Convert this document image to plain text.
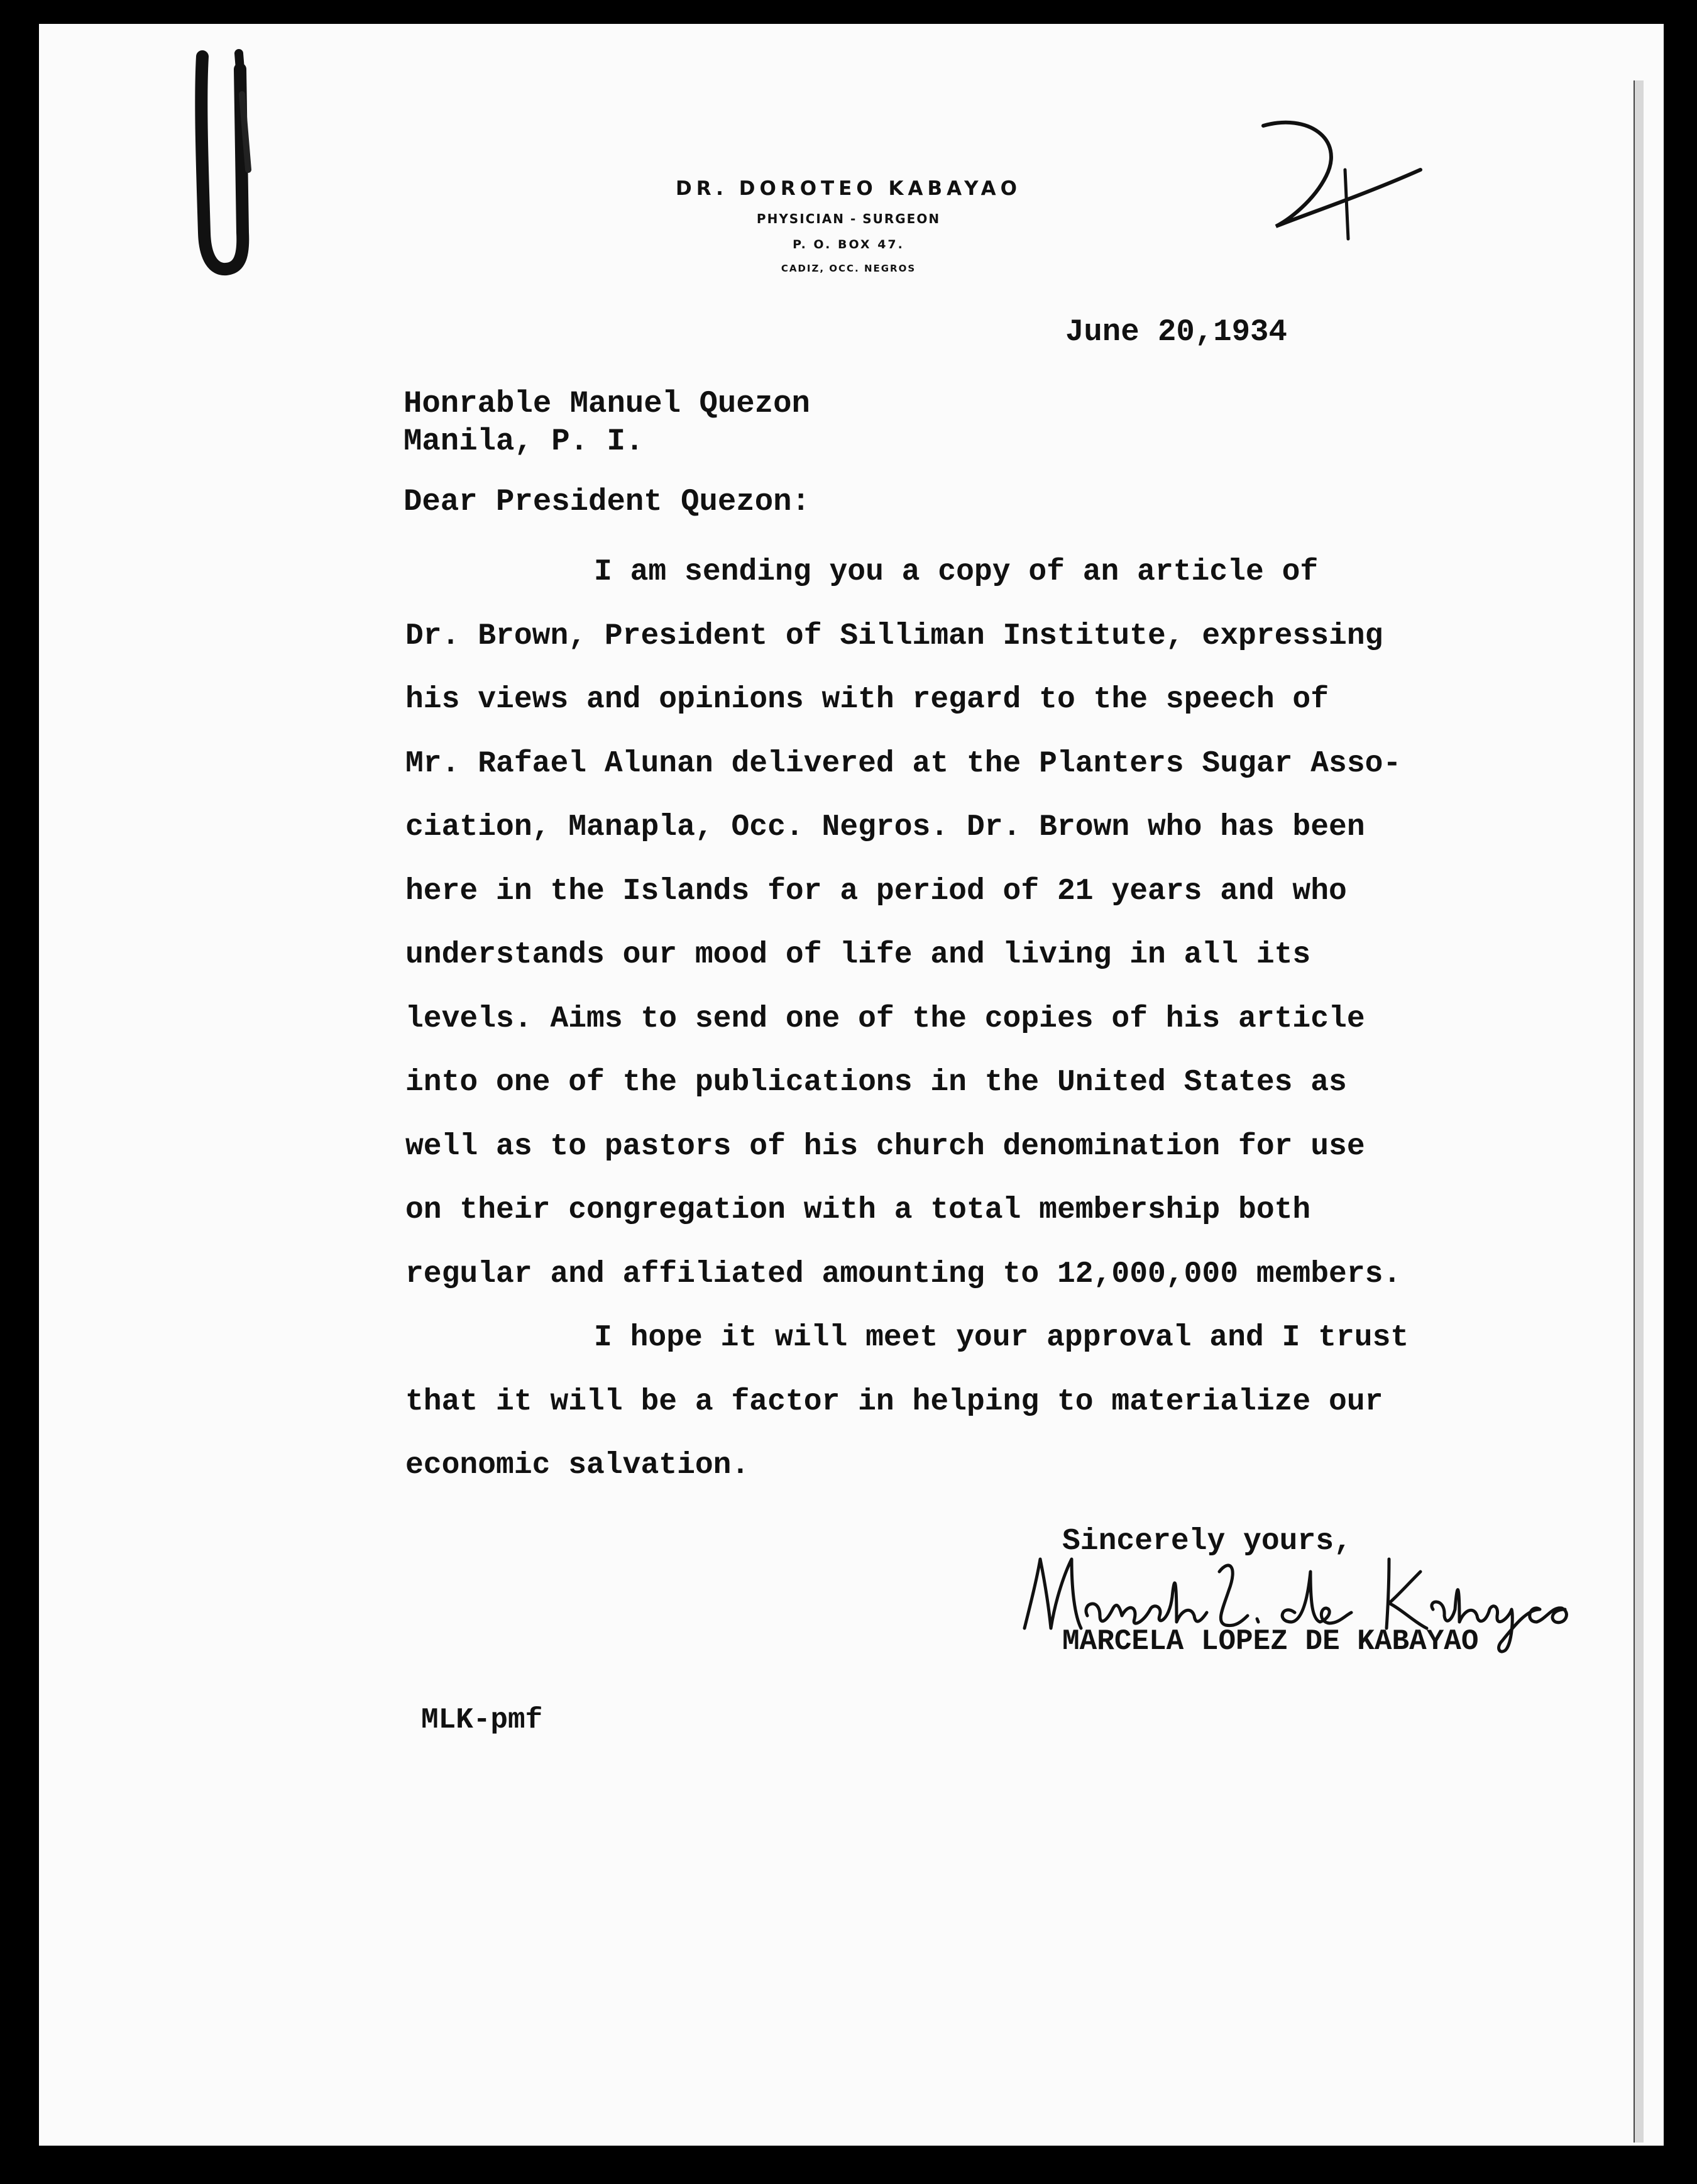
2
DR. DOROTEO KABAYAO
PHYSICIAN - SURGEON
P. O. BOX 47.
CADIZ, OCC. NEGROS
June 20,1934
Honrable Manuel Quezon
Manila, P. I.
Dear President Quezon:
I am sending you a copy of an article of
Dr. Brown, President of Silliman Institute, expressing
his views and opinions with regard to the speech of
Mr. Rafael Alunan delivered at the Planters Sugar Asso-
ciation, Manapla, Occ. Negros. Dr. Brown who has been
here in the Islands for a period of 21 years and who
understands our mood of life and living in all its
levels. Aims to send one of the copies of his article
into one of the publications in the United States as
well as to pastors of his church denomination for use
on their congregation with a total membership both
regular and affiliated amounting to 12,000,000 members.
I hope it will meet your approval and I trust
that it will be a factor in helping to materialize our
economic salvation.
Sincerely yours,
Marcela L. de Kabayao
MARCELA LOPEZ DE KABAYAO
MLK-pmf
